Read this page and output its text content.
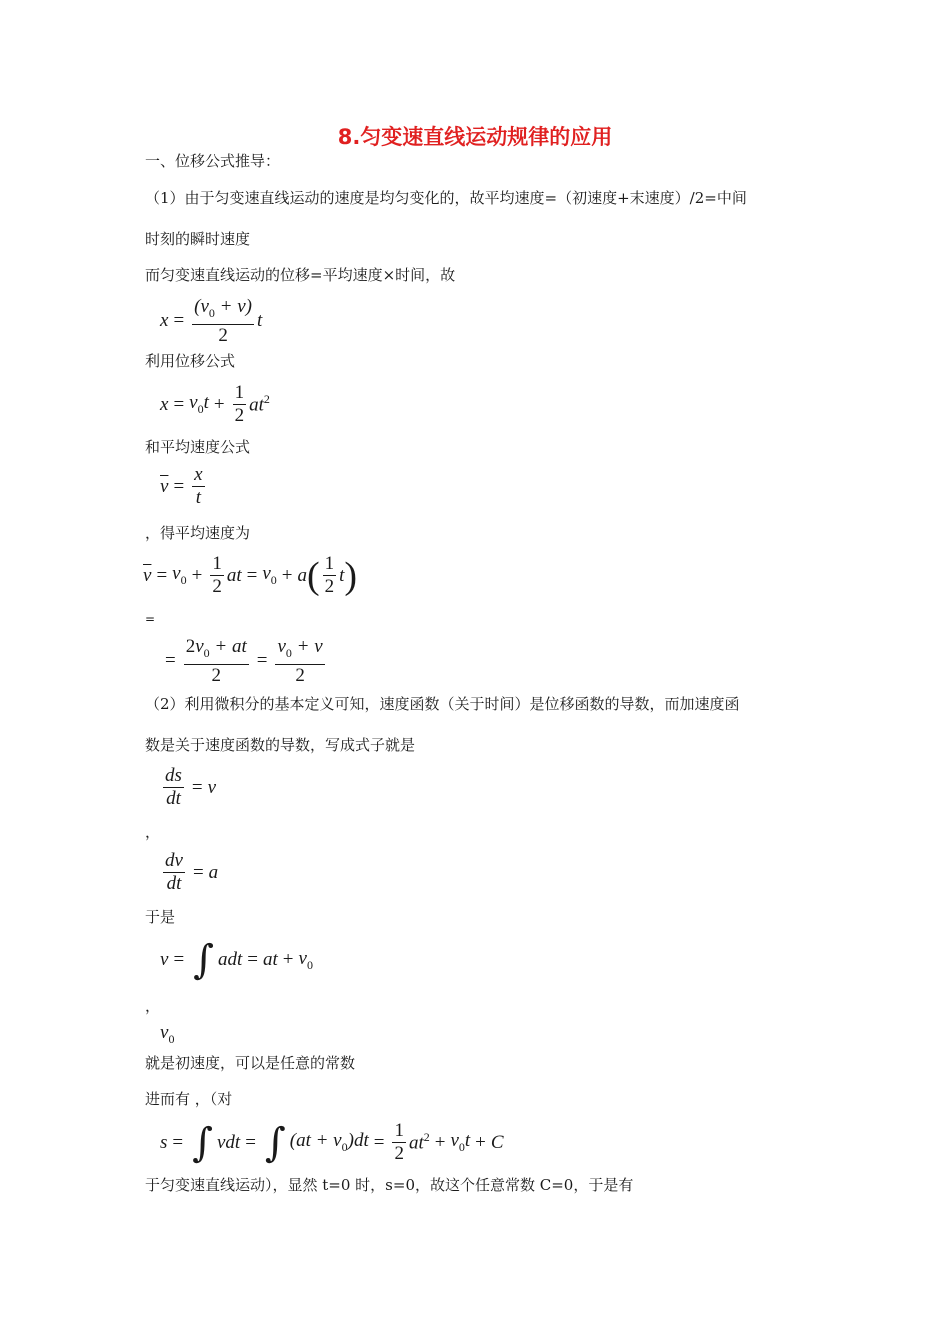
8.匀变速直线运动规律的应用
一、位移公式推导：
（1）由于匀变速直线运动的速度是均匀变化的，故平均速度=（初速度+末速度）/2=中间
时刻的瞬时速度
而匀变速直线运动的位移=平均速度×时间，故
$x = \frac{(v_0 + v)}{2}$ t
利用位移公式
$x = v_0t + \frac{1}{2} at^2$
和平均速度公式
$\overline{v} = \frac{x}{t}$
，得平均速度为
$\overline{v} = v_0 + \frac{1}{2}$ at = $v_0 + a$ ( $\frac{1}{2}$ t )
=
= $\frac{2v_0 + at}{2} = \frac{v_0 + v}{2}$
（2）利用微积分的基本定义可知，速度函数（关于时间）是位移函数的导数，而加速度函
数是关于速度函数的导数，写成式子就是
$\frac{ds}{dt} = v$
，
$\frac{dv}{dt} = a$
于是
v = ∫ adt = at + $v_0$
，
$v_0$
就是初速度，可以是任意的常数
进而有 ，（对
s = ∫ vdt = ∫ $(at + v_0)dt = \frac{1}{2} at^2 + v_0t + C$
于匀变速直线运动），显然 t=0 时，s=0，故这个任意常数 C=0，于是有
